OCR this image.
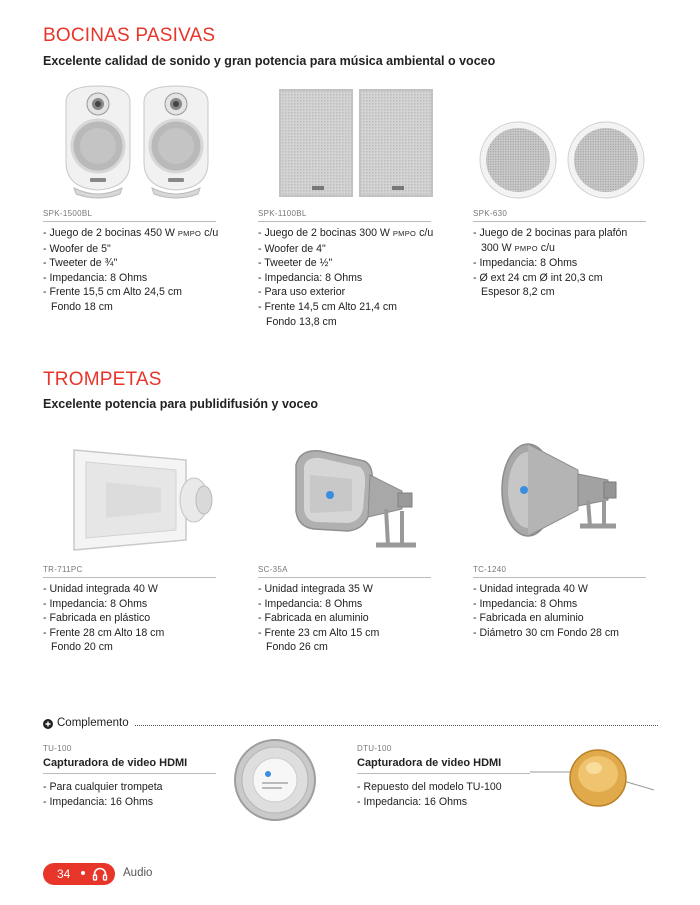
BOCINAS PASIVAS
Excelente calidad de sonido y gran potencia para música ambiental o voceo
SPK-1500BL
- Juego de 2 bocinas 450 W PMPO c/u
- Woofer de 5"
- Tweeter de ¾"
- Impedancia: 8 Ohms
- Frente 15,5 cm Alto 24,5 cm
Fondo 18 cm
SPK-1100BL
- Juego de 2 bocinas 300 W PMPO c/u
- Woofer de 4"
- Tweeter de ½"
- Impedancia: 8 Ohms
- Para uso exterior
- Frente 14,5 cm Alto 21,4 cm
Fondo 13,8 cm
SPK-630
- Juego de 2 bocinas para plafón
300 W PMPO c/u
- Impedancia: 8 Ohms
- Ø ext 24 cm Ø int 20,3 cm
Espesor 8,2 cm
TROMPETAS
Excelente potencia para publidifusión y voceo
TR-711PC
- Unidad integrada 40 W
- Impedancia: 8 Ohms
- Fabricada en plástico
- Frente 28 cm Alto 18 cm
Fondo 20 cm
SC-35A
- Unidad integrada 35 W
- Impedancia: 8 Ohms
- Fabricada en aluminio
- Frente 23 cm Alto 15 cm
Fondo 26 cm
TC-1240
- Unidad integrada 40 W
- Impedancia: 8 Ohms
- Fabricada en aluminio
- Diámetro 30 cm Fondo 28 cm
Complemento
TU-100
Capturadora de video HDMI
- Para cualquier trompeta
- Impedancia: 16 Ohms
DTU-100
Capturadora de video HDMI
- Repuesto del modelo TU-100
- Impedancia: 16 Ohms
34	Audio
